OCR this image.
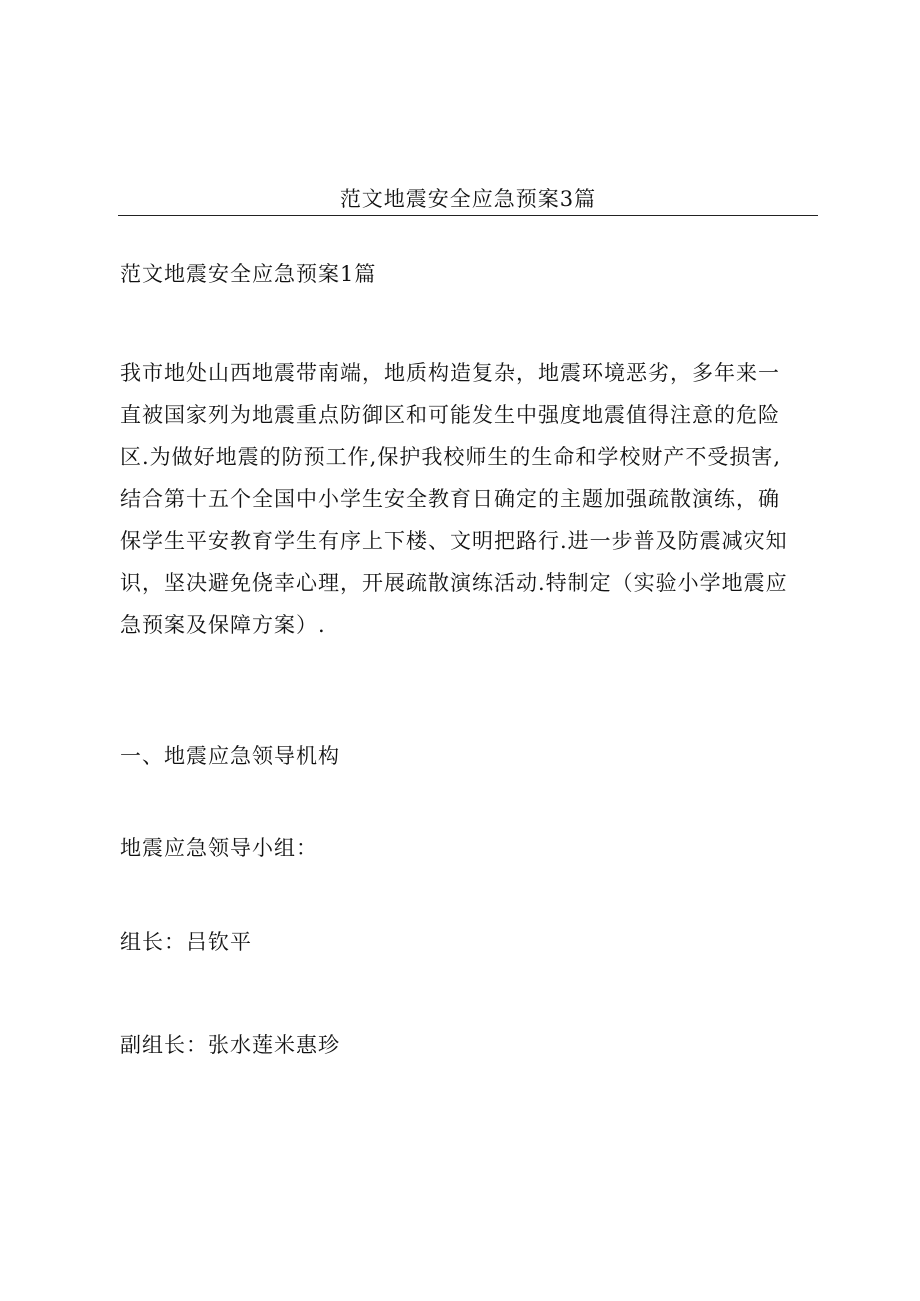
范文地震安全应急预案3篇
范文地震安全应急预案1篇
我市地处山西地震带南端，地质构造复杂，地震环境恶劣，多年来一
直被国家列为地震重点防御区和可能发生中强度地震值得注意的危险
区.为做好地震的防预工作,保护我校师生的生命和学校财产不受损害,
结合第十五个全国中小学生安全教育日确定的主题加强疏散演练，确
保学生平安教育学生有序上下楼、文明把路行.进一步普及防震减灾知
识，坚决避免侥幸心理，开展疏散演练活动.特制定（实验小学地震应
急预案及保障方案）.
一、地震应急领导机构
地震应急领导小组：
组长：吕钦平
副组长：张水莲米惠珍
